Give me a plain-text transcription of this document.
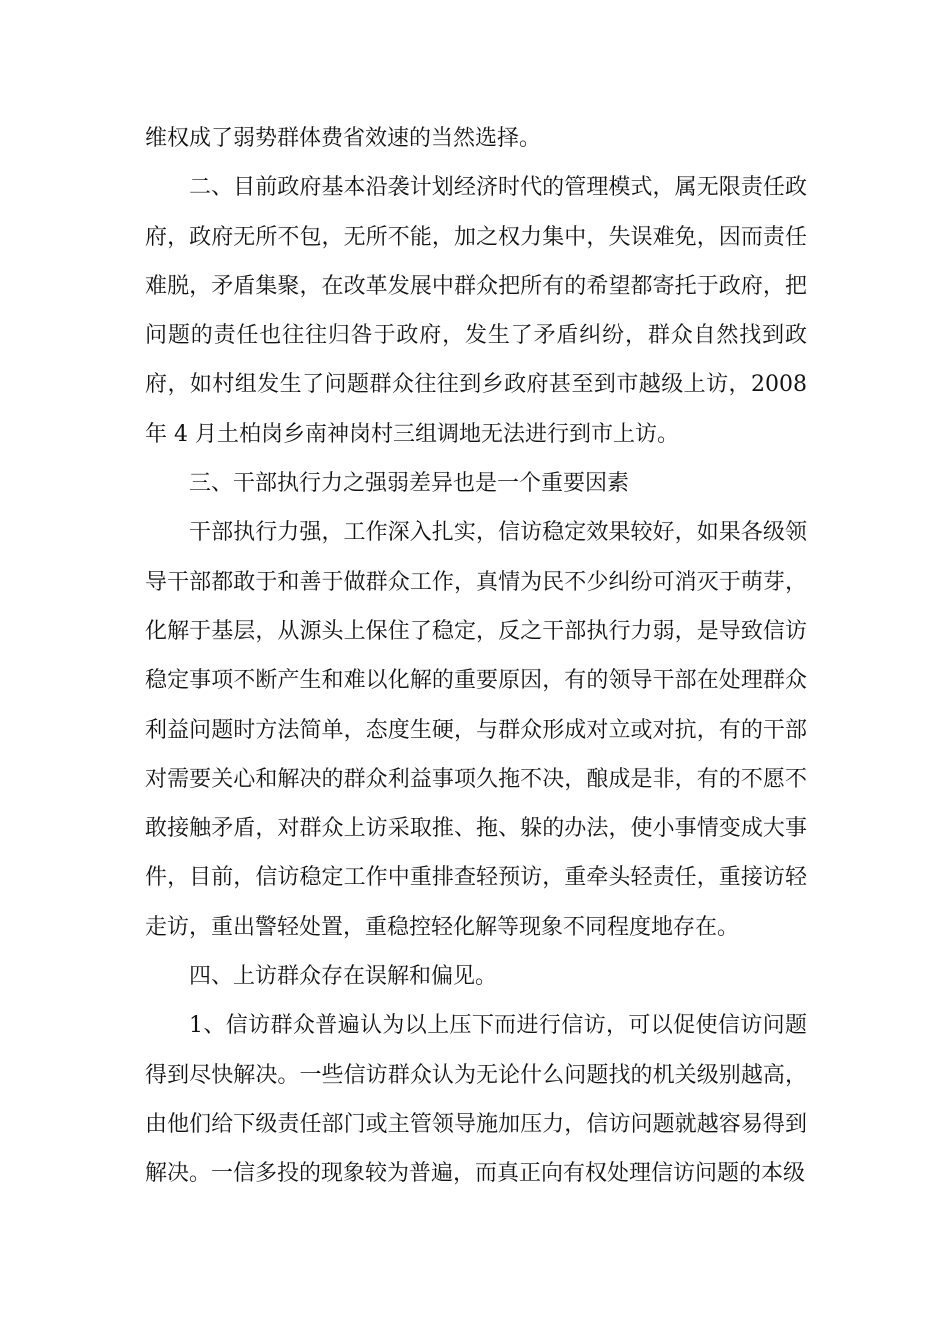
维权成了弱势群体费省效速的当然选择。

二、目前政府基本沿袭计划经济时代的管理模式，属无限责任政府，政府无所不包，无所不能，加之权力集中，失误难免，因而责任难脱，矛盾集聚，在改革发展中群众把所有的希望都寄托于政府，把问题的责任也往往归咎于政府，发生了矛盾纠纷，群众自然找到政府，如村组发生了问题群众往往到乡政府甚至到市越级上访，2008 年 4 月土柏岗乡南神岗村三组调地无法进行到市上访。

三、干部执行力之强弱差异也是一个重要因素

干部执行力强，工作深入扎实，信访稳定效果较好，如果各级领导干部都敢于和善于做群众工作，真情为民不少纠纷可消灭于萌芽，化解于基层，从源头上保住了稳定，反之干部执行力弱，是导致信访稳定事项不断产生和难以化解的重要原因，有的领导干部在处理群众利益问题时方法简单，态度生硬，与群众形成对立或对抗，有的干部对需要关心和解决的群众利益事项久拖不决，酿成是非，有的不愿不敢接触矛盾，对群众上访采取推、拖、躲的办法，使小事情变成大事件，目前，信访稳定工作中重排查轻预访，重牵头轻责任，重接访轻走访，重出警轻处置，重稳控轻化解等现象不同程度地存在。

四、上访群众存在误解和偏见。

1、信访群众普遍认为以上压下而进行信访，可以促使信访问题得到尽快解决。一些信访群众认为无论什么问题找的机关级别越高，由他们给下级责任部门或主管领导施加压力，信访问题就越容易得到解决。一信多投的现象较为普遍，而真正向有权处理信访问题的本级
